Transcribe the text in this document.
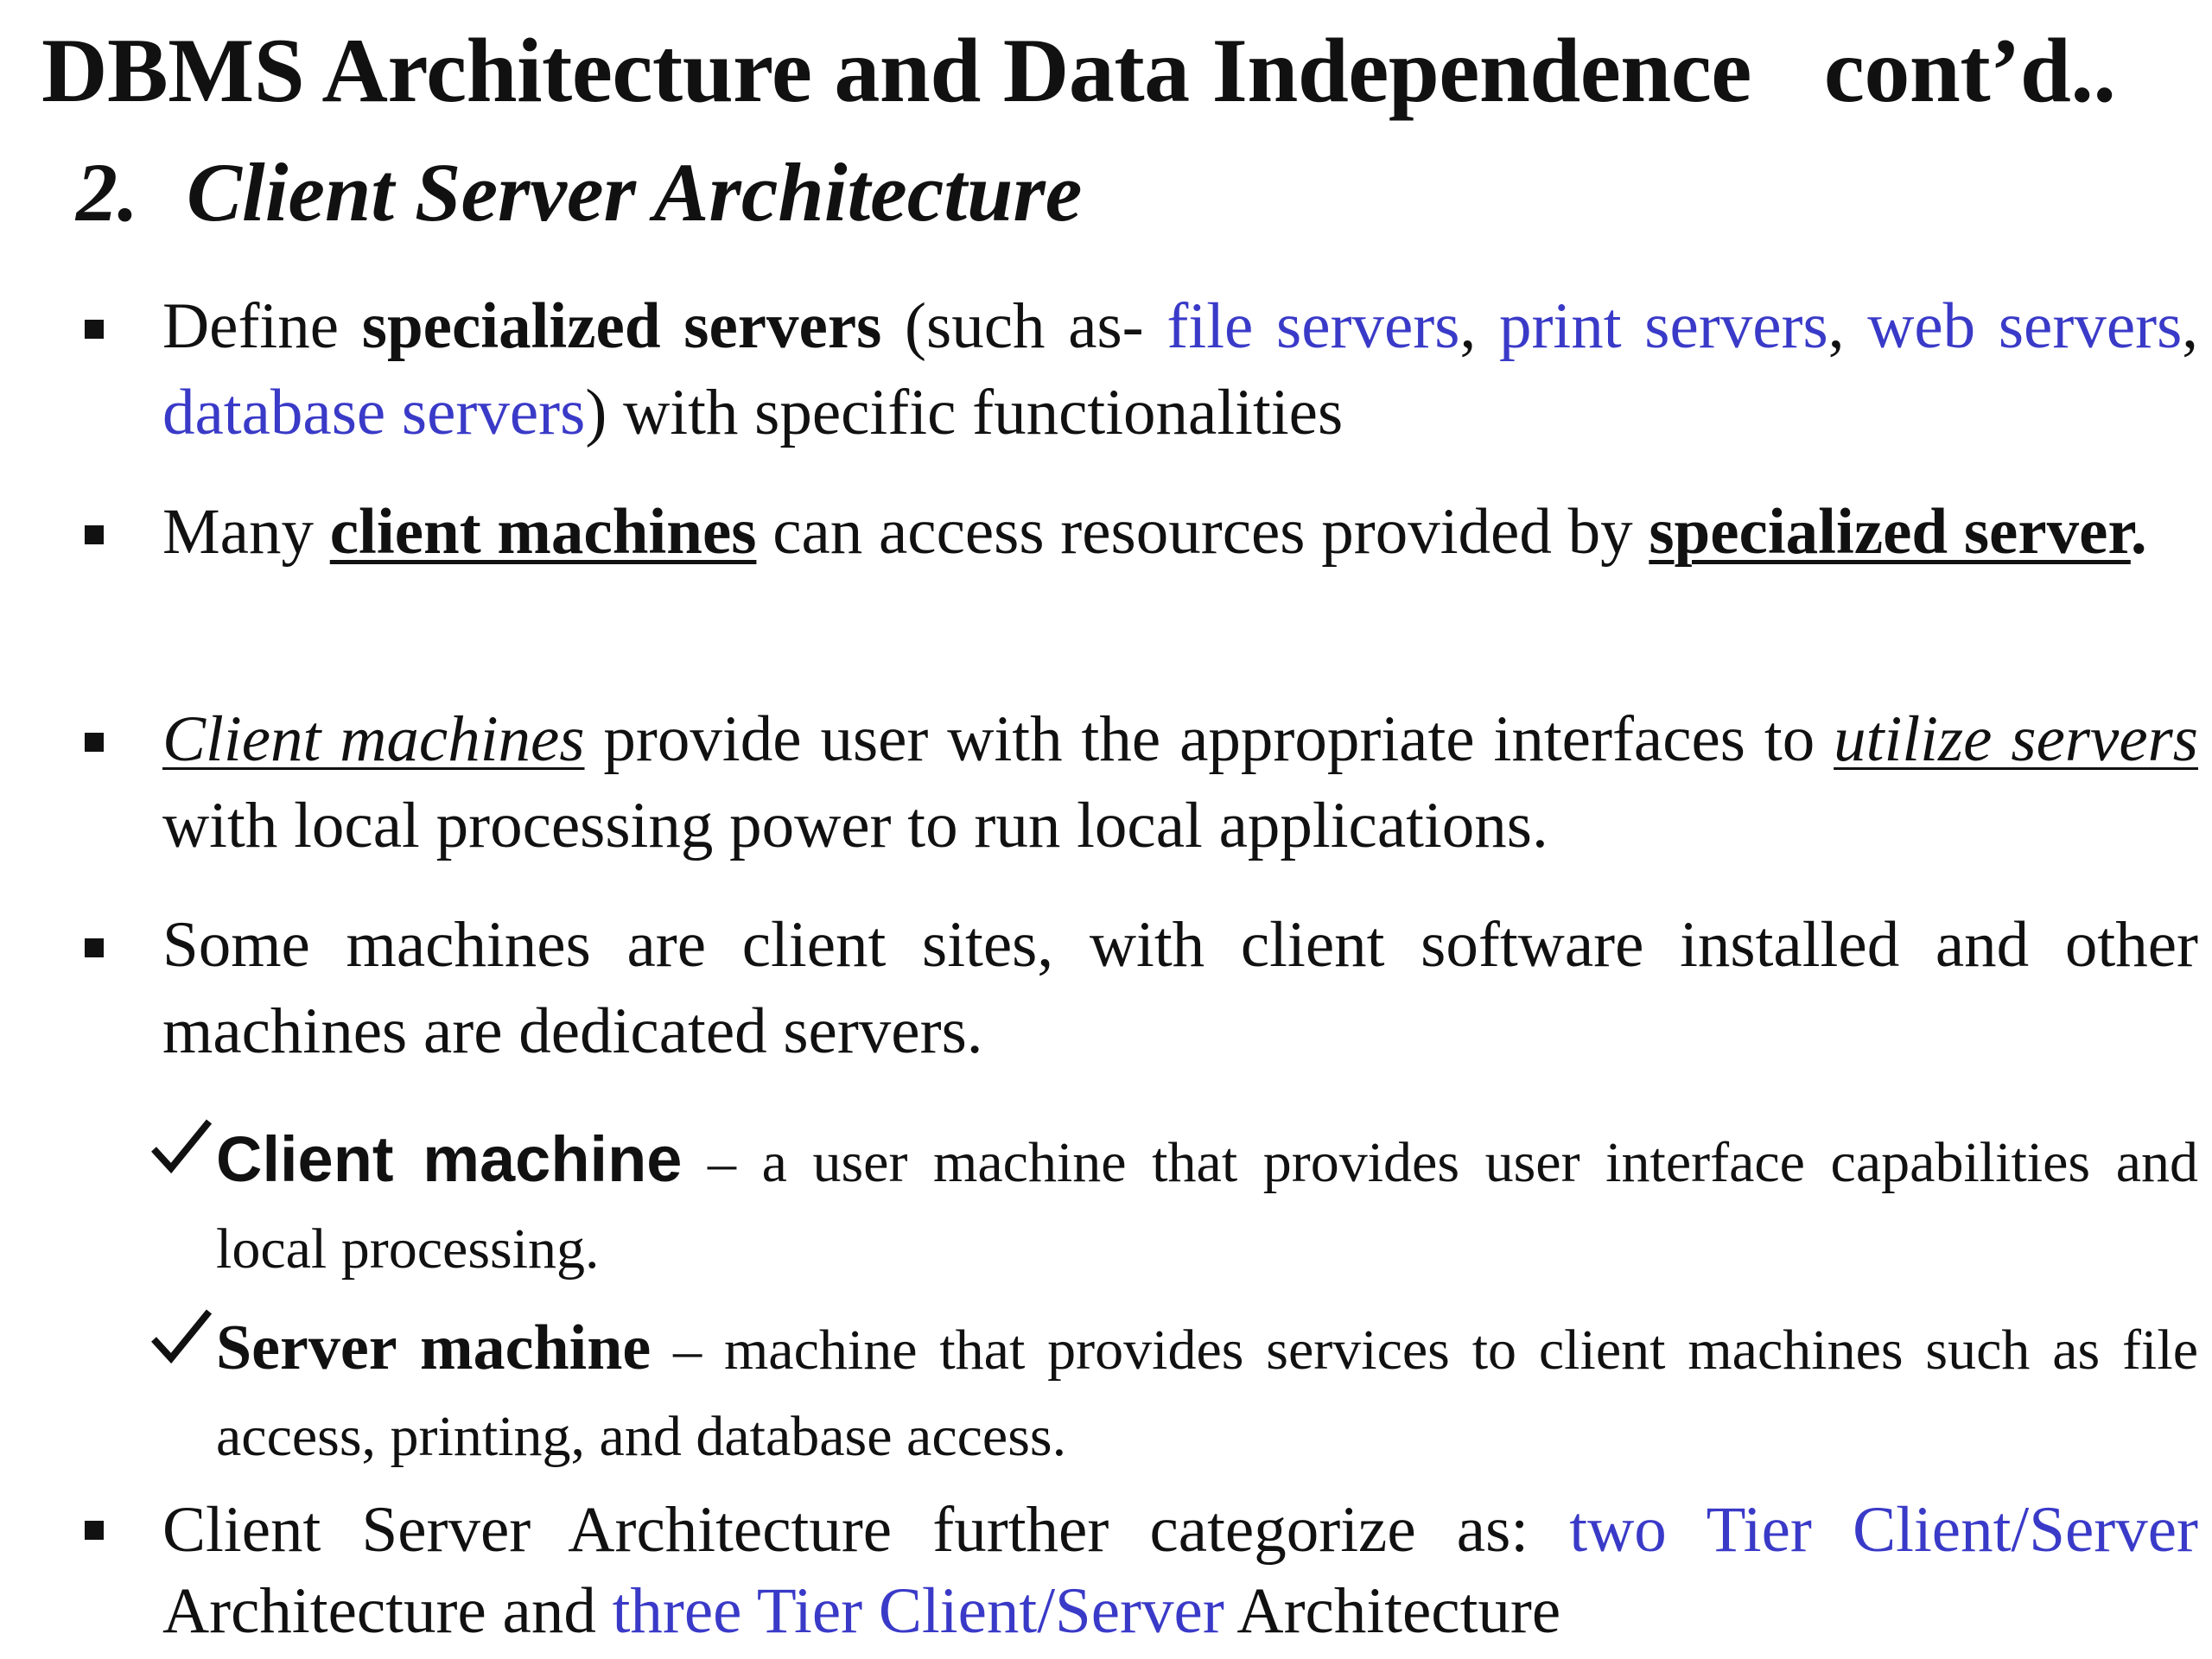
DBMS Architecture and Data Independence cont’d..
2. Client Server Architecture
Define specialized servers (such as- file servers, print servers, web servers, database servers) with specific functionalities
Many client machines can access resources provided by specialized server.
Client machines provide user with the appropriate interfaces to utilize servers with local processing power to run local applications.
Some machines are client sites, with client software installed and other machines are dedicated servers.
Client machine – a user machine that provides user interface capabilities and local processing.
Server machine – machine that provides services to client machines such as file access, printing, and database access.
Client Server Architecture further categorize as: two Tier Client/Server Architecture and three Tier Client/Server Architecture
